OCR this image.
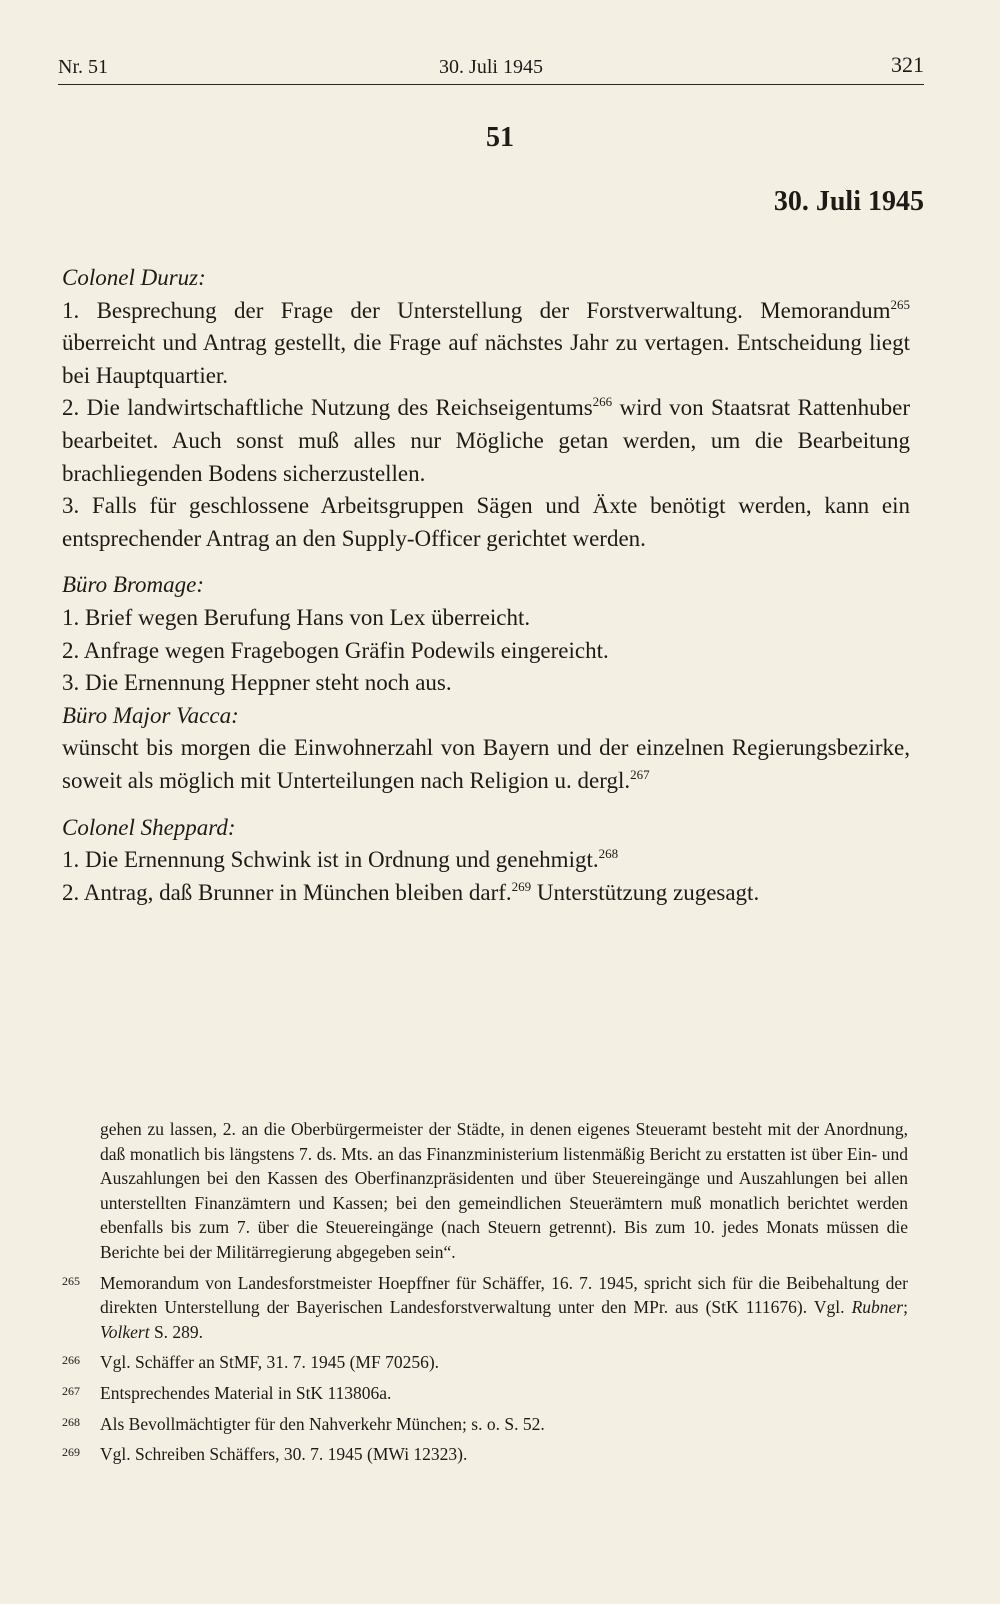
Nr. 51	30. Juli 1945	321
51
30. Juli 1945

Colonel Duruz:

1. Besprechung der Frage der Unterstellung der Forstverwaltung. Memorandum$^{265}$ überreicht und Antrag gestellt, die Frage auf nächstes Jahr zu vertagen. Entscheidung liegt bei Hauptquartier.

2. Die landwirtschaftliche Nutzung des Reichseigentums$^{266}$ wird von Staatsrat Rattenhuber bearbeitet. Auch sonst muß alles nur Mögliche getan werden, um die Bearbeitung brachliegenden Bodens sicherzustellen.

3. Falls für geschlossene Arbeitsgruppen Sägen und Äxte benötigt werden, kann ein entsprechender Antrag an den Supply-Officer gerichtet werden.

Büro Bromage:

1. Brief wegen Berufung Hans von Lex überreicht.

2. Anfrage wegen Fragebogen Gräfin Podewils eingereicht.

3. Die Ernennung Heppner steht noch aus.

Büro Major Vacca:

wünscht bis morgen die Einwohnerzahl von Bayern und der einzelnen Regierungsbezirke, soweit als möglich mit Unterteilungen nach Religion u. dergl.$^{267}$

Colonel Sheppard:

1. Die Ernennung Schwink ist in Ordnung und genehmigt.$^{268}$

2. Antrag, daß Brunner in München bleiben darf.$^{269}$ Unterstützung zugesagt.

gehen zu lassen, 2. an die Oberbürgermeister der Städte, in denen eigenes Steueramt besteht mit der Anordnung, daß monatlich bis längstens 7. ds. Mts. an das Finanzministerium listenmäßig Bericht zu erstatten ist über Ein- und Auszahlungen bei den Kassen des Oberfinanzpräsidenten und über Steuereingänge und Auszahlungen bei allen unterstellten Finanzämtern und Kassen; bei den gemeindlichen Steuerämtern muß monatlich berichtet werden ebenfalls bis zum 7. über die Steuereingänge (nach Steuern getrennt). Bis zum 10. jedes Monats müssen die Berichte bei der Militärregierung abgegeben sein“.

265 Memorandum von Landesforstmeister Hoepffner für Schäffer, 16. 7. 1945, spricht sich für die Beibehaltung der direkten Unterstellung der Bayerischen Landesforstverwaltung unter den MPr. aus (StK 111676). Vgl. Rubner; Volkert S. 289.

266 Vgl. Schäffer an StMF, 31. 7. 1945 (MF 70256).

267 Entsprechendes Material in StK 113806a.

268 Als Bevollmächtigter für den Nahverkehr München; s. o. S. 52.

269 Vgl. Schreiben Schäffers, 30. 7. 1945 (MWi 12323).
